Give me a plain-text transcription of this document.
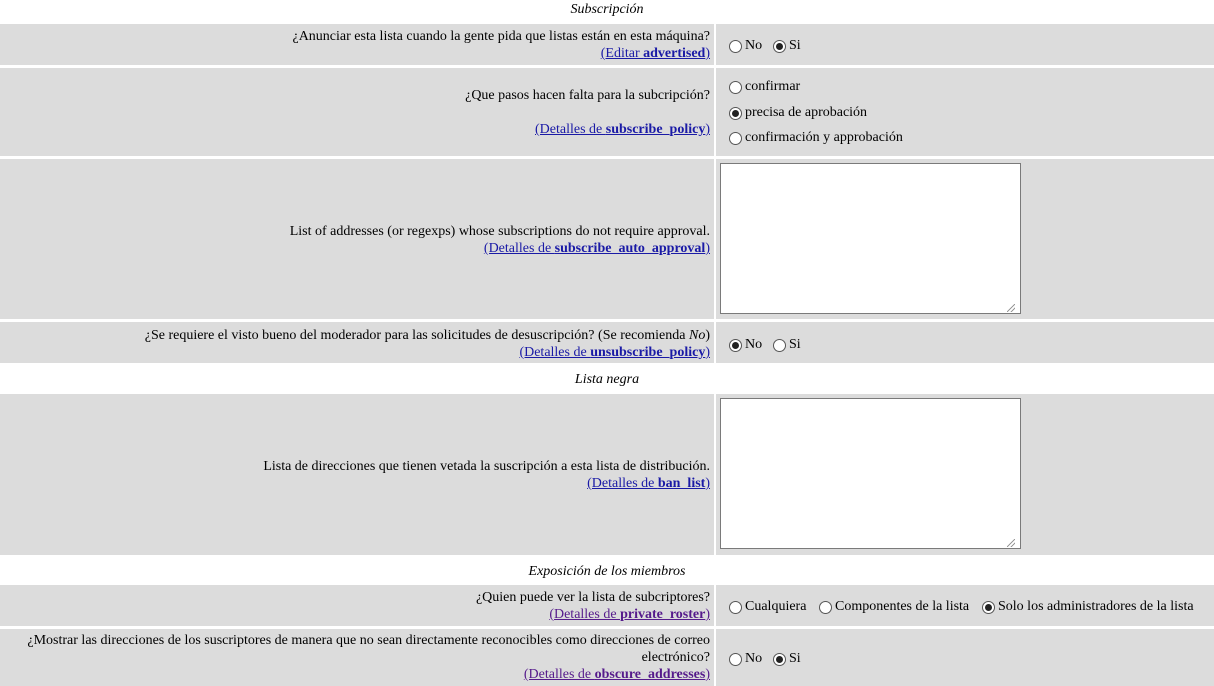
Subscripción
¿Anunciar esta lista cuando la gente pida que listas están en esta máquina?
(Editar advertised)
No Si
¿Que pasos hacen falta para la subcripción?
(Detalles de subscribe_policy)
confirmar
precisa de aprobación
confirmación y approbación
List of addresses (or regexps) whose subscriptions do not require approval.
(Detalles de subscribe_auto_approval)
¿Se requiere el visto bueno del moderador para las solicitudes de desuscripción? (Se recomienda No)
(Detalles de unsubscribe_policy)
No Si
Lista negra
Lista de direcciones que tienen vetada la suscripción a esta lista de distribución.
(Detalles de ban_list)
Exposición de los miembros
¿Quien puede ver la lista de subcriptores?
(Detalles de private_roster)
Cualquiera Componentes de la lista Solo los administradores de la lista
¿Mostrar las direcciones de los suscriptores de manera que no sean directamente reconocibles como direcciones de correo
electrónico?
(Detalles de obscure_addresses)
No Si
